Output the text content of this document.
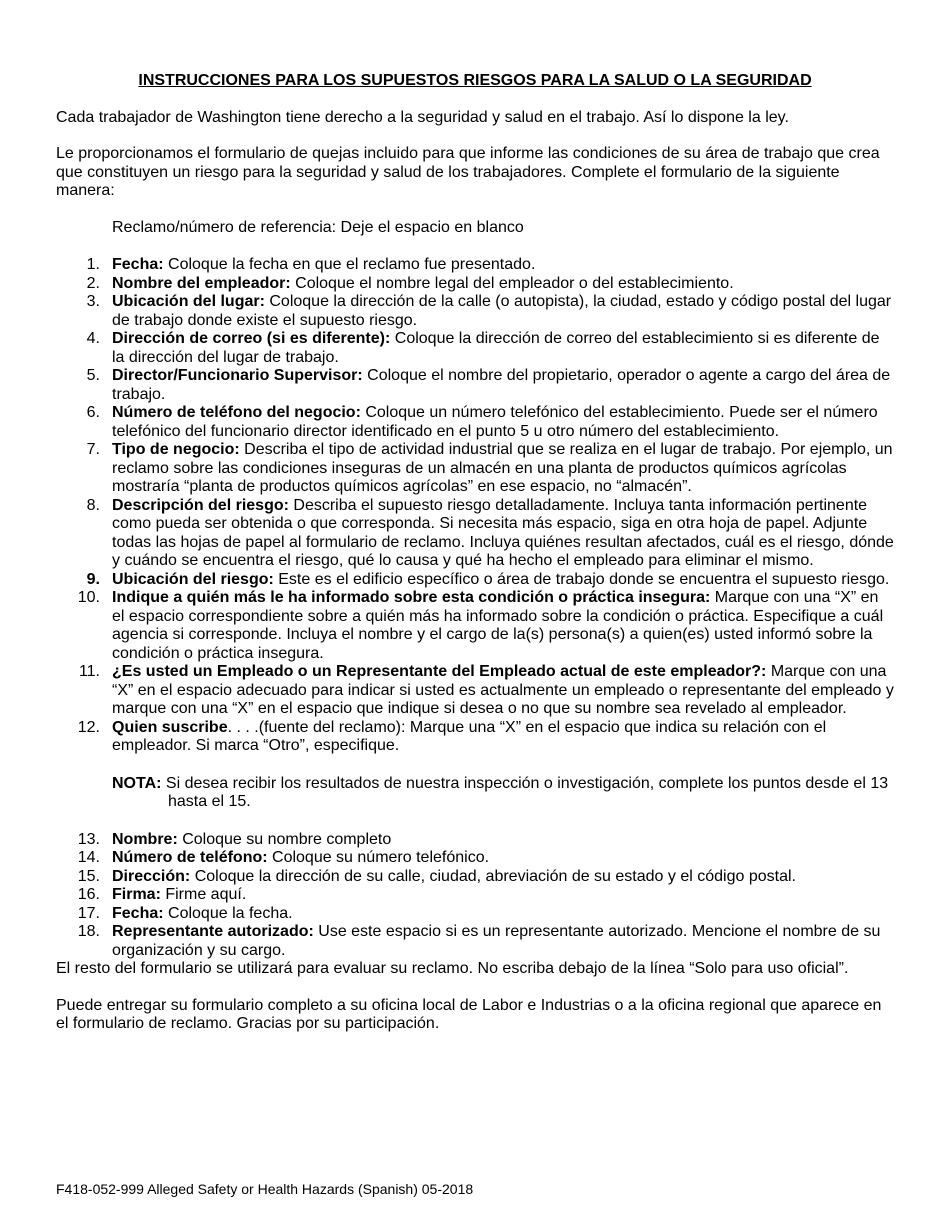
INSTRUCCIONES PARA LOS SUPUESTOS RIESGOS PARA LA SALUD O LA SEGURIDAD

Cada trabajador de Washington tiene derecho a la seguridad y salud en el trabajo. Así lo dispone la ley.

Le proporcionamos el formulario de quejas incluido para que informe las condiciones de su área de trabajo que crea que constituyen un riesgo para la seguridad y salud de los trabajadores. Complete el formulario de la siguiente manera:

Reclamo/número de referencia: Deje el espacio en blanco
1. Fecha: Coloque la fecha en que el reclamo fue presentado.
2. Nombre del empleador: Coloque el nombre legal del empleador o del establecimiento.
3. Ubicación del lugar: Coloque la dirección de la calle (o autopista), la ciudad, estado y código postal del lugar de trabajo donde existe el supuesto riesgo.
4. Dirección de correo (si es diferente): Coloque la dirección de correo del establecimiento si es diferente de la dirección del lugar de trabajo.
5. Director/Funcionario Supervisor: Coloque el nombre del propietario, operador o agente a cargo del área de trabajo.
6. Número de teléfono del negocio: Coloque un número telefónico del establecimiento. Puede ser el número telefónico del funcionario director identificado en el punto 5 u otro número del establecimiento.
7. Tipo de negocio: Describa el tipo de actividad industrial que se realiza en el lugar de trabajo. Por ejemplo, un reclamo sobre las condiciones inseguras de un almacén en una planta de productos químicos agrícolas mostraría “planta de productos químicos agrícolas” en ese espacio, no “almacén”.
8. Descripción del riesgo: Describa el supuesto riesgo detalladamente. Incluya tanta información pertinente como pueda ser obtenida o que corresponda. Si necesita más espacio, siga en otra hoja de papel. Adjunte todas las hojas de papel al formulario de reclamo. Incluya quiénes resultan afectados, cuál es el riesgo, dónde y cuándo se encuentra el riesgo, qué lo causa y qué ha hecho el empleado para eliminar el mismo.
9. Ubicación del riesgo: Este es el edificio específico o área de trabajo donde se encuentra el supuesto riesgo.
10. Indique a quién más le ha informado sobre esta condición o práctica insegura: Marque con una “X” en el espacio correspondiente sobre a quién más ha informado sobre la condición o práctica. Especifique a cuál agencia si corresponde. Incluya el nombre y el cargo de la(s) persona(s) a quien(es) usted informó sobre la condición o práctica insegura.
11. ¿Es usted un Empleado o un Representante del Empleado actual de este empleador?: Marque con una “X” en el espacio adecuado para indicar si usted es actualmente un empleado o representante del empleado y marque con una “X” en el espacio que indique si desea o no que su nombre sea revelado al empleador.
12. Quien suscribe. . . .(fuente del reclamo): Marque una “X” en el espacio que indica su relación con el empleador. Si marca “Otro”, especifique.
NOTA: Si desea recibir los resultados de nuestra inspección o investigación, complete los puntos desde el 13 hasta el 15.
13. Nombre: Coloque su nombre completo
14. Número de teléfono: Coloque su número telefónico.
15. Dirección: Coloque la dirección de su calle, ciudad, abreviación de su estado y el código postal.
16. Firma: Firme aquí.
17. Fecha: Coloque la fecha.
18. Representante autorizado: Use este espacio si es un representante autorizado. Mencione el nombre de su organización y su cargo.

El resto del formulario se utilizará para evaluar su reclamo. No escriba debajo de la línea “Solo para uso oficial”.

Puede entregar su formulario completo a su oficina local de Labor e Industrias o a la oficina regional que aparece en el formulario de reclamo. Gracias por su participación.

F418-052-999 Alleged Safety or Health Hazards (Spanish) 05-2018
